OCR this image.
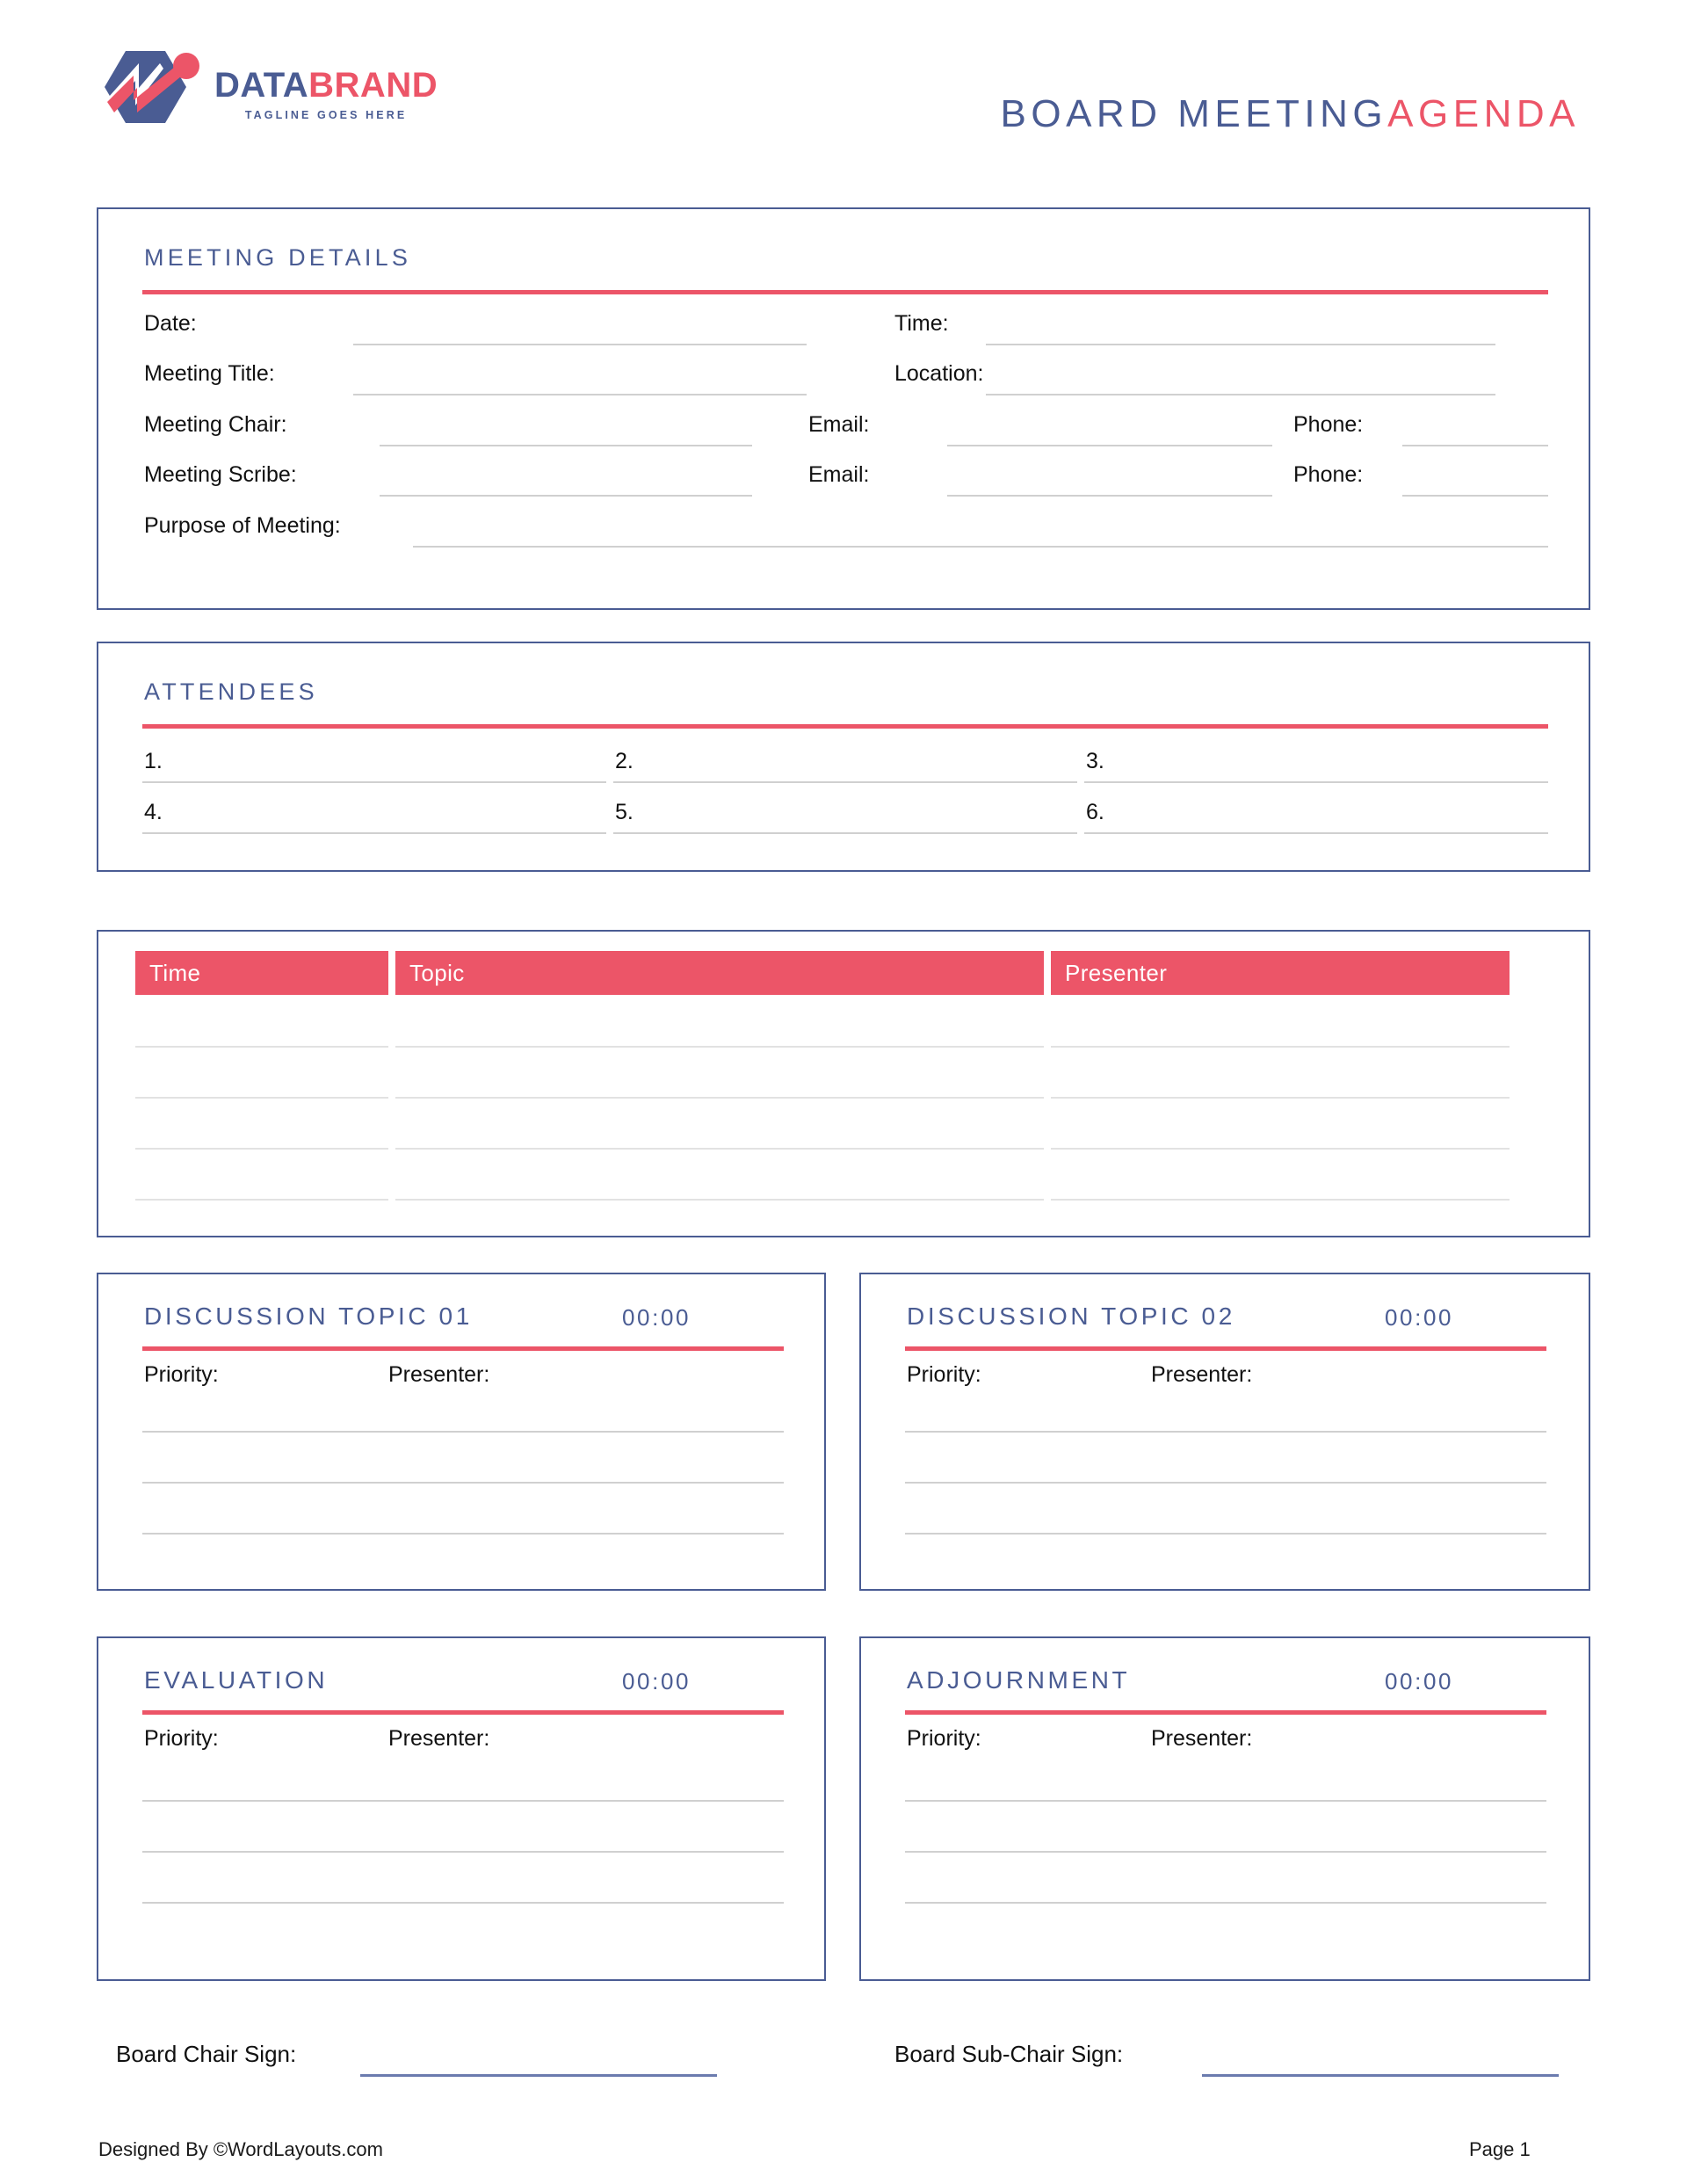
DATABRAND
TAGLINE GOES HERE	BOARD MEETINGAGENDA
MEETING DETAILS
Date:	Time:
Meeting Title:	Location:
Meeting Chair:	Email:	Phone:
Meeting Scribe:	Email:	Phone:
Purpose of Meeting:
ATTENDEES
1.	2.	3.
4.	5.	6.
Time	Topic	Presenter
DISCUSSION TOPIC 01	00:00
Priority:	Presenter:
DISCUSSION TOPIC 02	00:00
Priority:	Presenter:
EVALUATION	00:00
Priority:	Presenter:
ADJOURNMENT	00:00
Priority:	Presenter:
Board Chair Sign:	Board Sub-Chair Sign:
Designed By ©WordLayouts.com	Page 1
